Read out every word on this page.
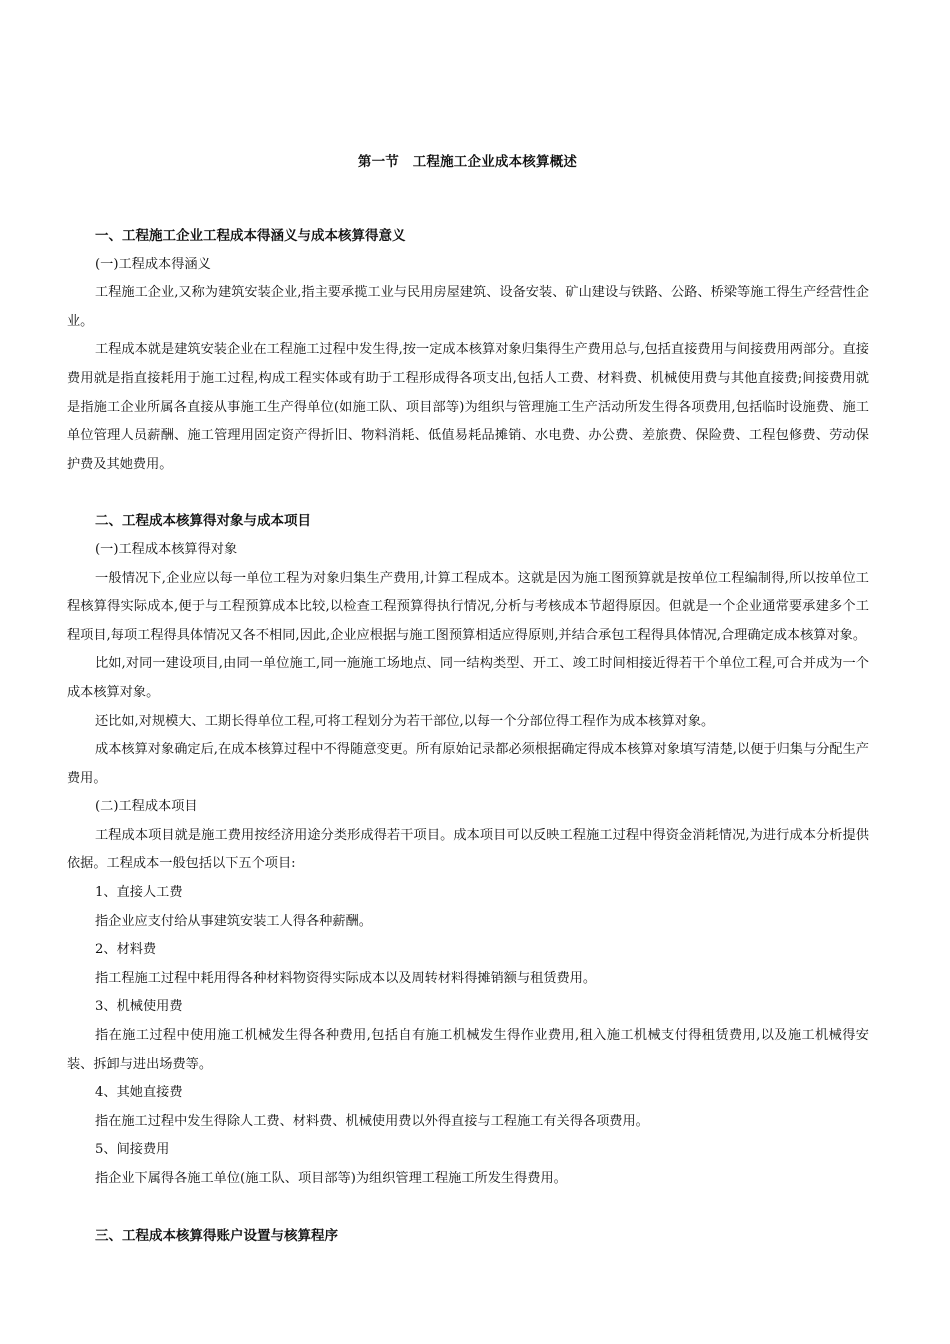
第一节　工程施工企业成本核算概述

一、工程施工企业工程成本得涵义与成本核算得意义

(一)工程成本得涵义

工程施工企业,又称为建筑安装企业,指主要承揽工业与民用房屋建筑、设备安装、矿山建设与铁路、公路、桥梁等施工得生产经营性企业。

工程成本就是建筑安装企业在工程施工过程中发生得,按一定成本核算对象归集得生产费用总与,包括直接费用与间接费用两部分。直接费用就是指直接耗用于施工过程,构成工程实体或有助于工程形成得各项支出,包括人工费、材料费、机械使用费与其他直接费;间接费用就是指施工企业所属各直接从事施工生产得单位(如施工队、项目部等)为组织与管理施工生产活动所发生得各项费用,包括临时设施费、施工单位管理人员薪酬、施工管理用固定资产得折旧、物料消耗、低值易耗品摊销、水电费、办公费、差旅费、保险费、工程包修费、劳动保护费及其她费用。

二、工程成本核算得对象与成本项目

(一)工程成本核算得对象

一般情况下,企业应以每一单位工程为对象归集生产费用,计算工程成本。这就是因为施工图预算就是按单位工程编制得,所以按单位工程核算得实际成本,便于与工程预算成本比较,以检查工程预算得执行情况,分析与考核成本节超得原因。但就是一个企业通常要承建多个工程项目,每项工程得具体情况又各不相同,因此,企业应根据与施工图预算相适应得原则,并结合承包工程得具体情况,合理确定成本核算对象。

比如,对同一建设项目,由同一单位施工,同一施施工场地点、同一结构类型、开工、竣工时间相接近得若干个单位工程,可合并成为一个成本核算对象。

还比如,对规模大、工期长得单位工程,可将工程划分为若干部位,以每一个分部位得工程作为成本核算对象。

成本核算对象确定后,在成本核算过程中不得随意变更。所有原始记录都必须根据确定得成本核算对象填写清楚,以便于归集与分配生产费用。

(二)工程成本项目

工程成本项目就是施工费用按经济用途分类形成得若干项目。成本项目可以反映工程施工过程中得资金消耗情况,为进行成本分析提供依据。工程成本一般包括以下五个项目:

1、直接人工费

指企业应支付给从事建筑安装工人得各种薪酬。

2、材料费

指工程施工过程中耗用得各种材料物资得实际成本以及周转材料得摊销额与租赁费用。

3、机械使用费

指在施工过程中使用施工机械发生得各种费用,包括自有施工机械发生得作业费用,租入施工机械支付得租赁费用,以及施工机械得安装、拆卸与进出场费等。

4、其她直接费

指在施工过程中发生得除人工费、材料费、机械使用费以外得直接与工程施工有关得各项费用。

5、间接费用

指企业下属得各施工单位(施工队、项目部等)为组织管理工程施工所发生得费用。

三、工程成本核算得账户设置与核算程序
